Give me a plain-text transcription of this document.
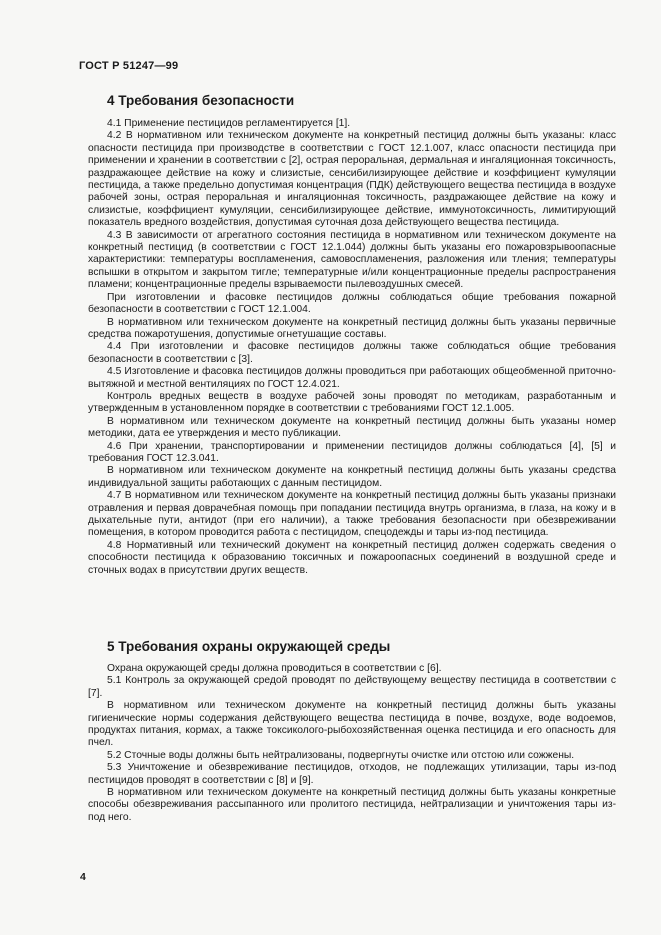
ГОСТ Р 51247—99
4 Требования безопасности

4.1 Применение пестицидов регламентируется [1].

4.2 В нормативном или техническом документе на конкретный пестицид должны быть указаны: класс опасности пестицида при производстве в соответствии с ГОСТ 12.1.007, класс опасности пестицида при применении и хранении в соответствии с [2], острая пероральная, дермальная и ингаляционная токсичность, раздражающее действие на кожу и слизистые, сенсибилизирующее действие и коэффициент кумуляции пестицида, а также предельно допустимая концентрация (ПДК) действующего вещества пестицида в воздухе рабочей зоны, острая пероральная и ингаляционная токсичность, раздражающее действие на кожу и слизистые, коэффициент кумуляции, сенсибилизирующее действие, иммунотоксичность, лимитирующий показатель вредного воздействия, допустимая суточная доза действующего вещества пестицида.

4.3 В зависимости от агрегатного состояния пестицида в нормативном или техническом документе на конкретный пестицид (в соответствии с ГОСТ 12.1.044) должны быть указаны его пожаровзрывоопасные характеристики: температуры воспламенения, самовоспламенения, разложения или тления; температуры вспышки в открытом и закрытом тигле; температурные и/или концентрационные пределы распространения пламени; концентрационные пределы взрываемости пылевоздушных смесей.

При изготовлении и фасовке пестицидов должны соблюдаться общие требования пожарной безопасности в соответствии с ГОСТ 12.1.004.

В нормативном или техническом документе на конкретный пестицид должны быть указаны первичные средства пожаротушения, допустимые огнетушащие составы.

4.4 При изготовлении и фасовке пестицидов должны также соблюдаться общие требования безопасности в соответствии с [3].

4.5 Изготовление и фасовка пестицидов должны проводиться при работающих общеобменной приточно-вытяжной и местной вентиляциях по ГОСТ 12.4.021.

Контроль вредных веществ в воздухе рабочей зоны проводят по методикам, разработанным и утвержденным в установленном порядке в соответствии с требованиями ГОСТ 12.1.005.

В нормативном или техническом документе на конкретный пестицид должны быть указаны номер методики, дата ее утверждения и место публикации.

4.6 При хранении, транспортировании и применении пестицидов должны соблюдаться [4], [5] и требования ГОСТ 12.3.041.

В нормативном или техническом документе на конкретный пестицид должны быть указаны средства индивидуальной защиты работающих с данным пестицидом.

4.7 В нормативном или техническом документе на конкретный пестицид должны быть указаны признаки отравления и первая доврачебная помощь при попадании пестицида внутрь организма, в глаза, на кожу и в дыхательные пути, антидот (при его наличии), а также требования безопасности при обезвреживании помещения, в котором проводится работа с пестицидом, спецодежды и тары из-под пестицида.

4.8 Нормативный или технический документ на конкретный пестицид должен содержать сведения о способности пестицида к образованию токсичных и пожароопасных соединений в воздушной среде и сточных водах в присутствии других веществ.

5 Требования охраны окружающей среды

Охрана окружающей среды должна проводиться в соответствии с [6].

5.1 Контроль за окружающей средой проводят по действующему веществу пестицида в соответствии с [7].

В нормативном или техническом документе на конкретный пестицид должны быть указаны гигиенические нормы содержания действующего вещества пестицида в почве, воздухе, воде водоемов, продуктах питания, кормах, а также токсиколого-рыбохозяйственная оценка пестицида и его опасность для пчел.

5.2 Сточные воды должны быть нейтрализованы, подвергнуты очистке или отстою или сожжены.

5.3 Уничтожение и обезвреживание пестицидов, отходов, не подлежащих утилизации, тары из-под пестицидов проводят в соответствии с [8] и [9].

В нормативном или техническом документе на конкретный пестицид должны быть указаны конкретные способы обезвреживания рассыпанного или пролитого пестицида, нейтрализации и уничтожения тары из-под него.

4
